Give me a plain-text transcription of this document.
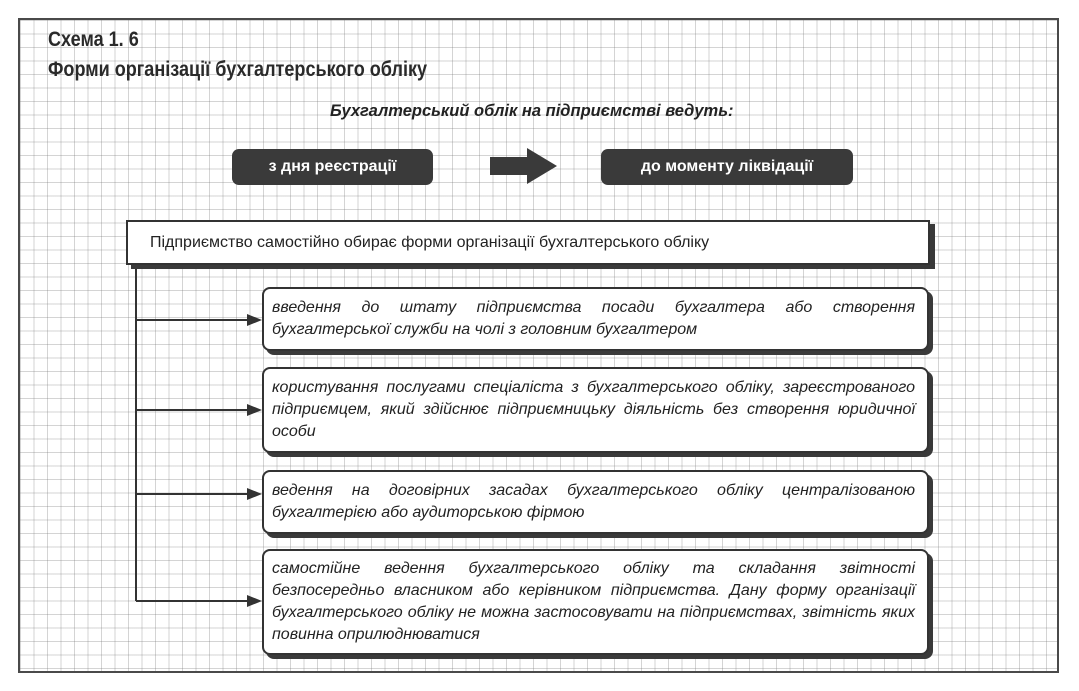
Схема 1. 6
Форми організації бухгалтерського обліку

Бухгалтерський облік на підприємстві ведуть:

з дня реєстрації	до моменту ліквідації
Підприємство самостійно обирає форми організації бухгалтерського обліку
введення до штату підприємства посади бухгалтера або створення бухгалтерської служби на чолі з головним бухгалтером
користування послугами спеціаліста з бухгалтерського обліку, зареєстрованого підприємцем, який здійснює підприємницьку діяльність без створення юридичної особи
ведення на договірних засадах бухгалтерського обліку централізованою бухгалтерією або аудиторською фірмою
самостійне ведення бухгалтерського обліку та складання звітності безпосередньо власником або керівником підприємства. Дану форму організації бухгалтерського обліку не можна застосовувати на підприємствах, звітність яких повинна оприлюднюватися
